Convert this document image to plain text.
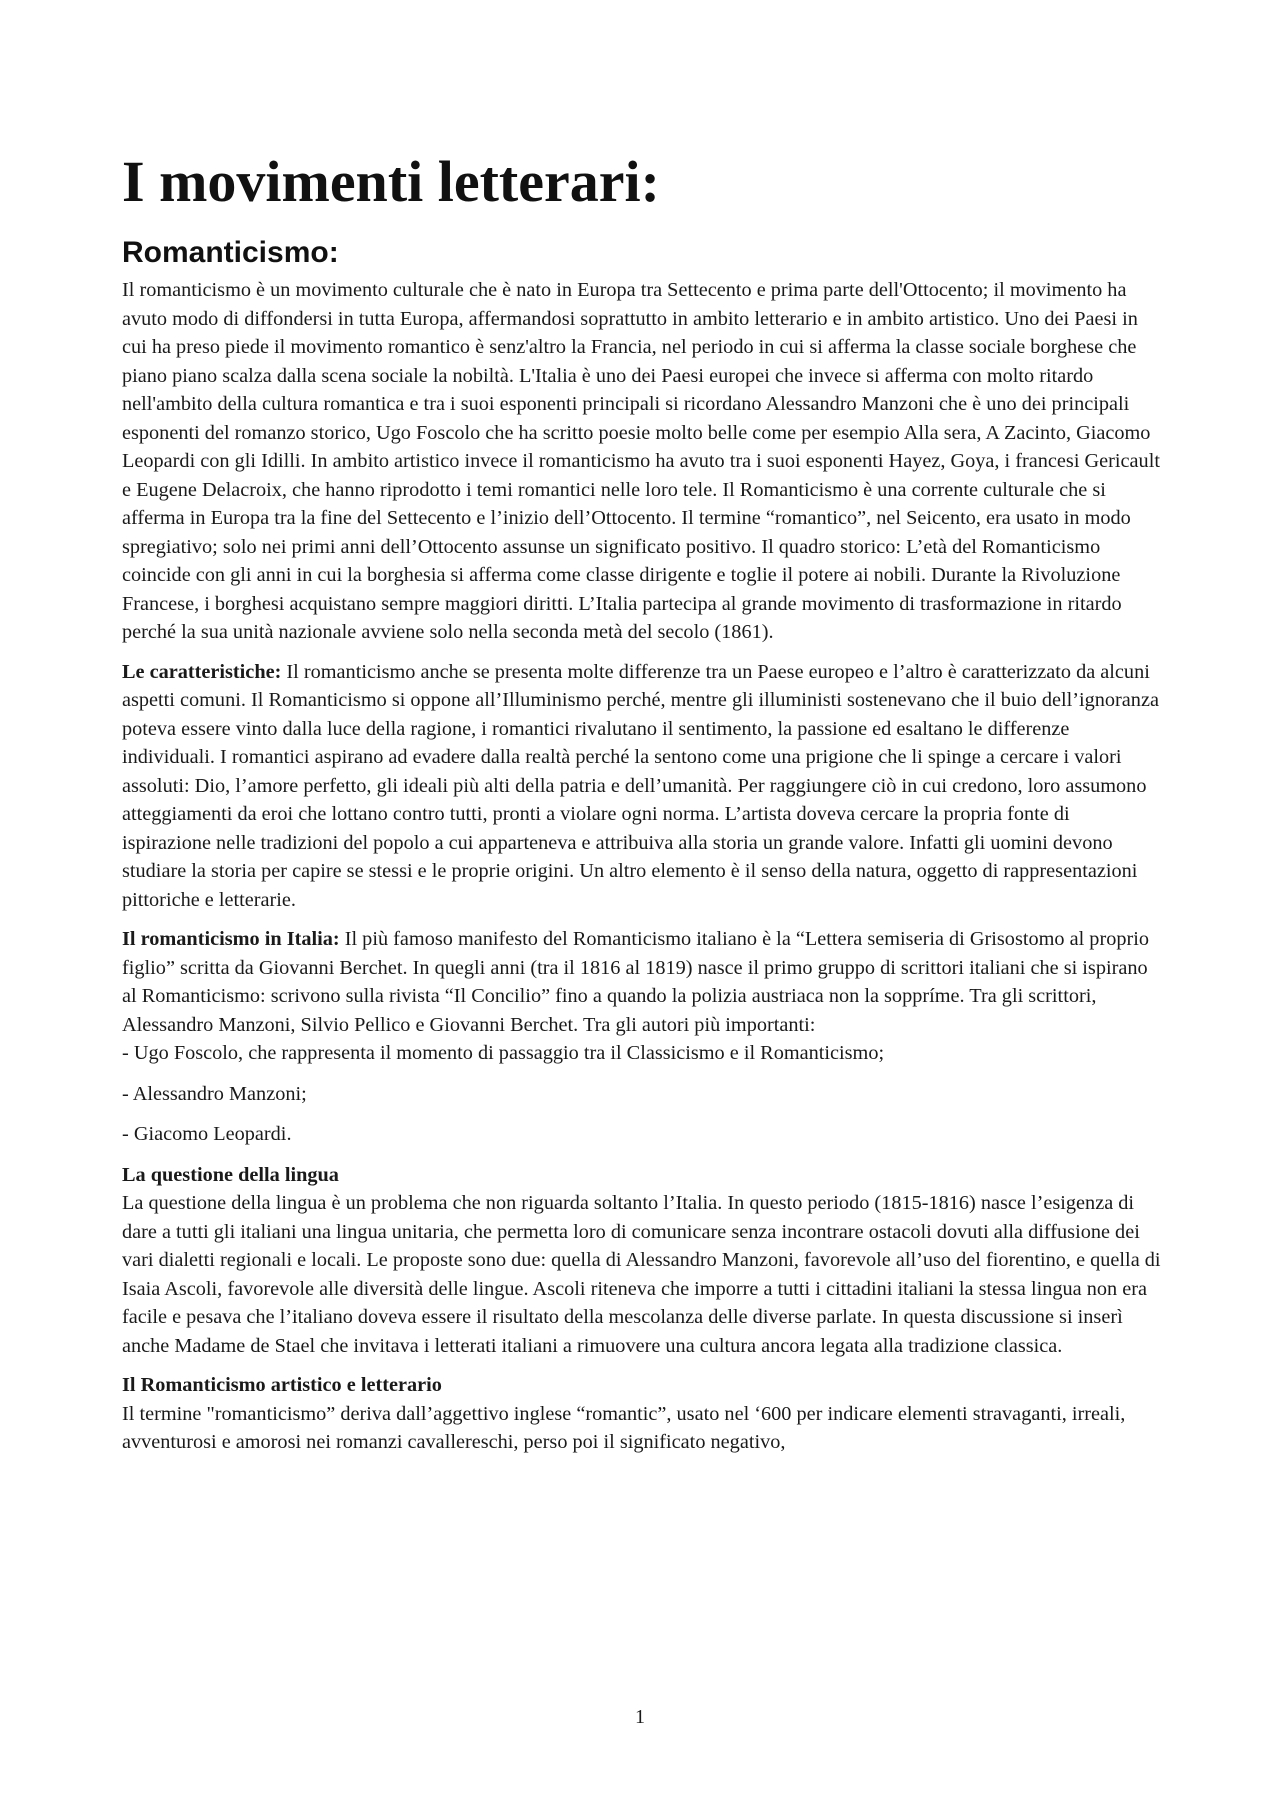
I movimenti letterari:
Romanticismo:

Il romanticismo è un movimento culturale che è nato in Europa tra Settecento e prima parte dell'Ottocento; il movimento ha avuto modo di diffondersi in tutta Europa, affermandosi soprattutto in ambito letterario e in ambito artistico. Uno dei Paesi in cui ha preso piede il movimento romantico è senz'altro la Francia, nel periodo in cui si afferma la classe sociale borghese che piano piano scalza dalla scena sociale la nobiltà. L'Italia è uno dei Paesi europei che invece si afferma con molto ritardo nell'ambito della cultura romantica e tra i suoi esponenti principali si ricordano Alessandro Manzoni che è uno dei principali esponenti del romanzo storico, Ugo Foscolo che ha scritto poesie molto belle come per esempio Alla sera, A Zacinto, Giacomo Leopardi con gli Idilli. In ambito artistico invece il romanticismo ha avuto tra i suoi esponenti Hayez, Goya, i francesi Gericault e Eugene Delacroix, che hanno riprodotto i temi romantici nelle loro tele. Il Romanticismo è una corrente culturale che si afferma in Europa tra la fine del Settecento e l’inizio dell’Ottocento. Il termine “romantico”, nel Seicento, era usato in modo spregiativo; solo nei primi anni dell’Ottocento assunse un significato positivo. Il quadro storico: L’età del Romanticismo coincide con gli anni in cui la borghesia si afferma come classe dirigente e toglie il potere ai nobili. Durante la Rivoluzione Francese, i borghesi acquistano sempre maggiori diritti. L’Italia partecipa al grande movimento di trasformazione in ritardo perché la sua unità nazionale avviene solo nella seconda metà del secolo (1861).

Le caratteristiche: Il romanticismo anche se presenta molte differenze tra un Paese europeo e l’altro è caratterizzato da alcuni aspetti comuni. Il Romanticismo si oppone all’Illuminismo perché, mentre gli illuministi sostenevano che il buio dell’ignoranza poteva essere vinto dalla luce della ragione, i romantici rivalutano il sentimento, la passione ed esaltano le differenze individuali. I romantici aspirano ad evadere dalla realtà perché la sentono come una prigione che li spinge a cercare i valori assoluti: Dio, l’amore perfetto, gli ideali più alti della patria e dell’umanità. Per raggiungere ciò in cui credono, loro assumono atteggiamenti da eroi che lottano contro tutti, pronti a violare ogni norma. L’artista doveva cercare la propria fonte di ispirazione nelle tradizioni del popolo a cui apparteneva e attribuiva alla storia un grande valore. Infatti gli uomini devono studiare la storia per capire se stessi e le proprie origini. Un altro elemento è il senso della natura, oggetto di rappresentazioni pittoriche e letterarie.

Il romanticismo in Italia: Il più famoso manifesto del Romanticismo italiano è la “Lettera semiseria di Grisostomo al proprio figlio” scritta da Giovanni Berchet. In quegli anni (tra il 1816 al 1819) nasce il primo gruppo di scrittori italiani che si ispirano al Romanticismo: scrivono sulla rivista “Il Concilio” fino a quando la polizia austriaca non la soppríme. Tra gli scrittori, Alessandro Manzoni, Silvio Pellico e Giovanni Berchet. Tra gli autori più importanti:

- Ugo Foscolo, che rappresenta il momento di passaggio tra il Classicismo e il Romanticismo;

- Alessandro Manzoni;

- Giacomo Leopardi.

La questione della lingua

La questione della lingua è un problema che non riguarda soltanto l’Italia. In questo periodo (1815-1816) nasce l’esigenza di dare a tutti gli italiani una lingua unitaria, che permetta loro di comunicare senza incontrare ostacoli dovuti alla diffusione dei vari dialetti regionali e locali. Le proposte sono due: quella di Alessandro Manzoni, favorevole all’uso del fiorentino, e quella di Isaia Ascoli, favorevole alle diversità delle lingue. Ascoli riteneva che imporre a tutti i cittadini italiani la stessa lingua non era facile e pesava che l’italiano doveva essere il risultato della mescolanza delle diverse parlate. In questa discussione si inserì anche Madame de Stael che invitava i letterati italiani a rimuovere una cultura ancora legata alla tradizione classica.

Il Romanticismo artistico e letterario

Il termine "romanticismo” deriva dall’aggettivo inglese “romantic”, usato nel ‘600 per indicare elementi stravaganti, irreali, avventurosi e amorosi nei romanzi cavallereschi, perso poi il significato negativo,

1
